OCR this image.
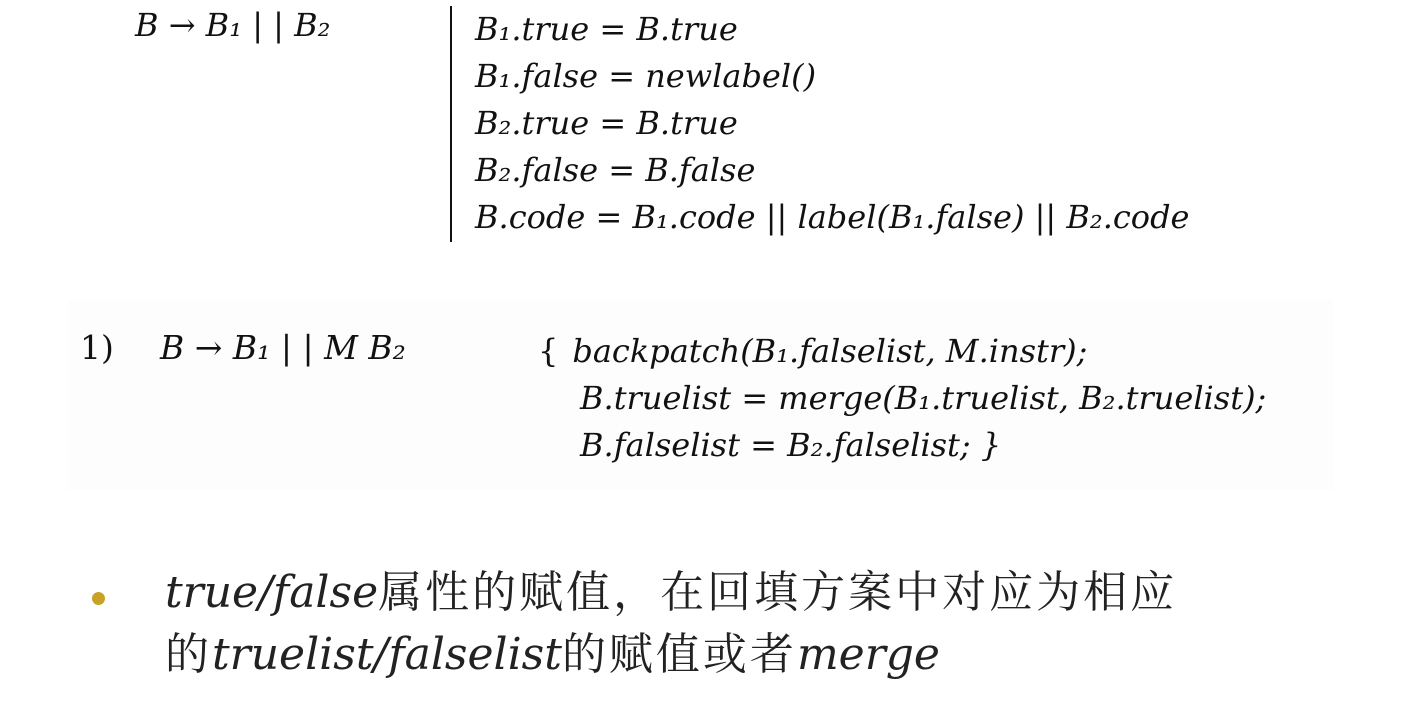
B → B₁ | | B₂	B₁.true = B.true
B₁.false = newlabel()
B₂.true = B.true
B₂.false = B.false
B.code = B₁.code || label(B₁.false) || B₂.code
1) B → B₁ | | M B₂	{ backpatch(B₁.falselist, M.instr);
B.truelist = merge(B₁.truelist, B₂.truelist);
B.falselist = B₂.falselist; }
true/false属性的赋值，在回填方案中对应为相应
的truelist/falselist的赋值或者merge
